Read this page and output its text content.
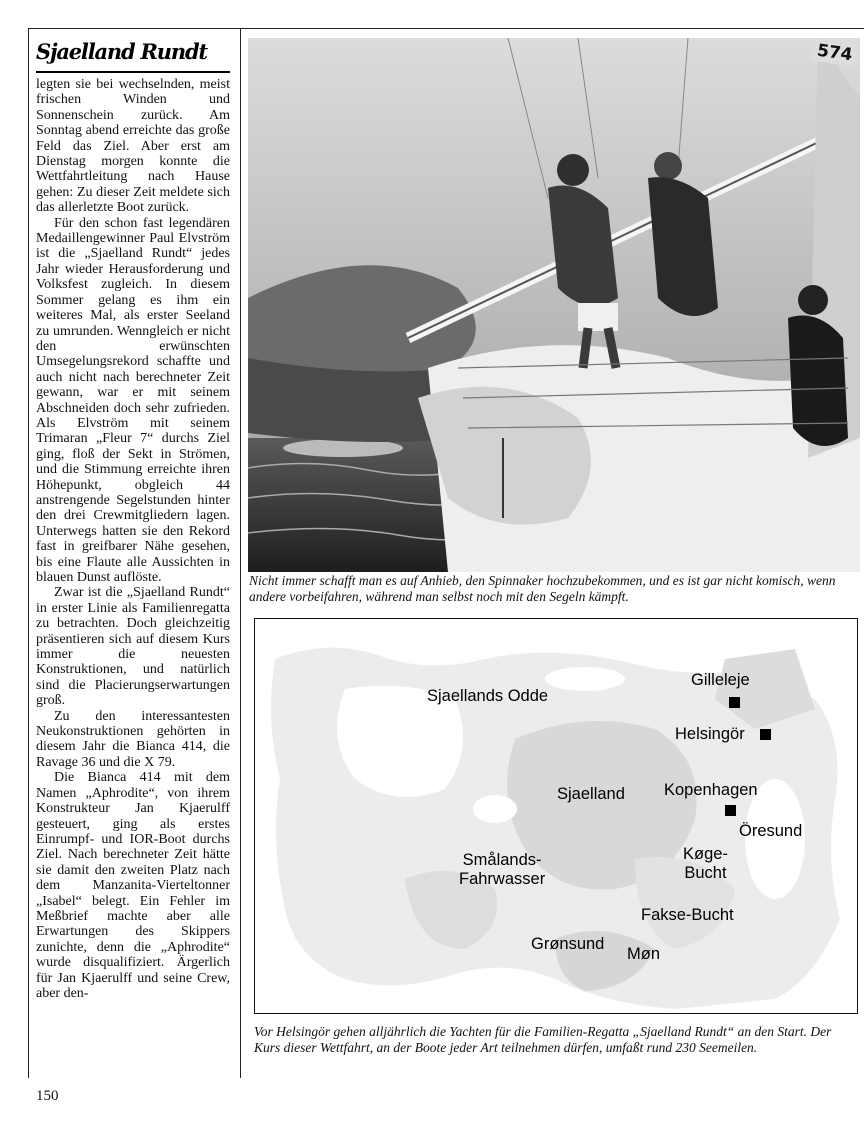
Sjaelland Rundt

legten sie bei wechselnden, meist frischen Winden und Sonnenschein zurück. Am Sonntag abend erreichte das große Feld das Ziel. Aber erst am Dienstag morgen konnte die Wettfahrtleitung nach Hause gehen: Zu dieser Zeit meldete sich das allerletzte Boot zurück.

Für den schon fast legendären Medaillengewinner Paul Elvström ist die „Sjaelland Rundt“ jedes Jahr wieder Herausforderung und Volksfest zugleich. In diesem Sommer gelang es ihm ein weiteres Mal, als erster Seeland zu umrunden. Wenngleich er nicht den erwünschten Umsegelungsrekord schaffte und auch nicht nach berechneter Zeit gewann, war er mit seinem Abschneiden doch sehr zufrieden. Als Elvström mit seinem Trimaran „Fleur 7“ durchs Ziel ging, floß der Sekt in Strömen, und die Stimmung erreichte ihren Höhepunkt, obgleich 44 anstrengende Segelstunden hinter den drei Crewmitgliedern lagen. Unterwegs hatten sie den Rekord fast in greifbarer Nähe gesehen, bis eine Flaute alle Aussichten in blauen Dunst auflöste.

Zwar ist die „Sjaelland Rundt“ in erster Linie als Familienregatta zu betrachten. Doch gleichzeitig präsentieren sich auf diesem Kurs immer die neuesten Konstruktionen, und natürlich sind die Placierungserwartungen groß.

Zu den interessantesten Neukonstruktionen gehörten in diesem Jahr die Bianca 414, die Ravage 36 und die X 79.

Die Bianca 414 mit dem Namen „Aphrodite“, von ihrem Konstrukteur Jan Kjaerulff gesteuert, ging als erstes Einrumpf- und IOR-Boot durchs Ziel. Nach berechneter Zeit hätte sie damit den zweiten Platz nach dem Manzanita-Vierteltonner „Isabel“ belegt. Ein Fehler im Meßbrief machte aber alle Erwartungen des Skippers zunichte, denn die „Aphrodite“ wurde disqualifiziert. Ärgerlich für Jan Kjaerulff und seine Crew, aber den-

574
Nicht immer schafft man es auf Anhieb, den Spinnaker hochzubekommen, und es ist gar nicht komisch, wenn andere vorbeifahren, während man selbst noch mit den Segeln kämpft.
Gilleleje
Sjaellands Odde
Helsingör
Sjaelland Kopenhagen
Öresund
Smålands-
Fahrwasser
Køge-
Bucht
Fakse-Bucht
Grønsund
Møn
Vor Helsingör gehen alljährlich die Yachten für die Familien-Regatta „Sjaelland Rundt“ an den Start. Der Kurs dieser Wettfahrt, an der Boote jeder Art teilnehmen dürfen, umfaßt rund 230 Seemeilen.
150
